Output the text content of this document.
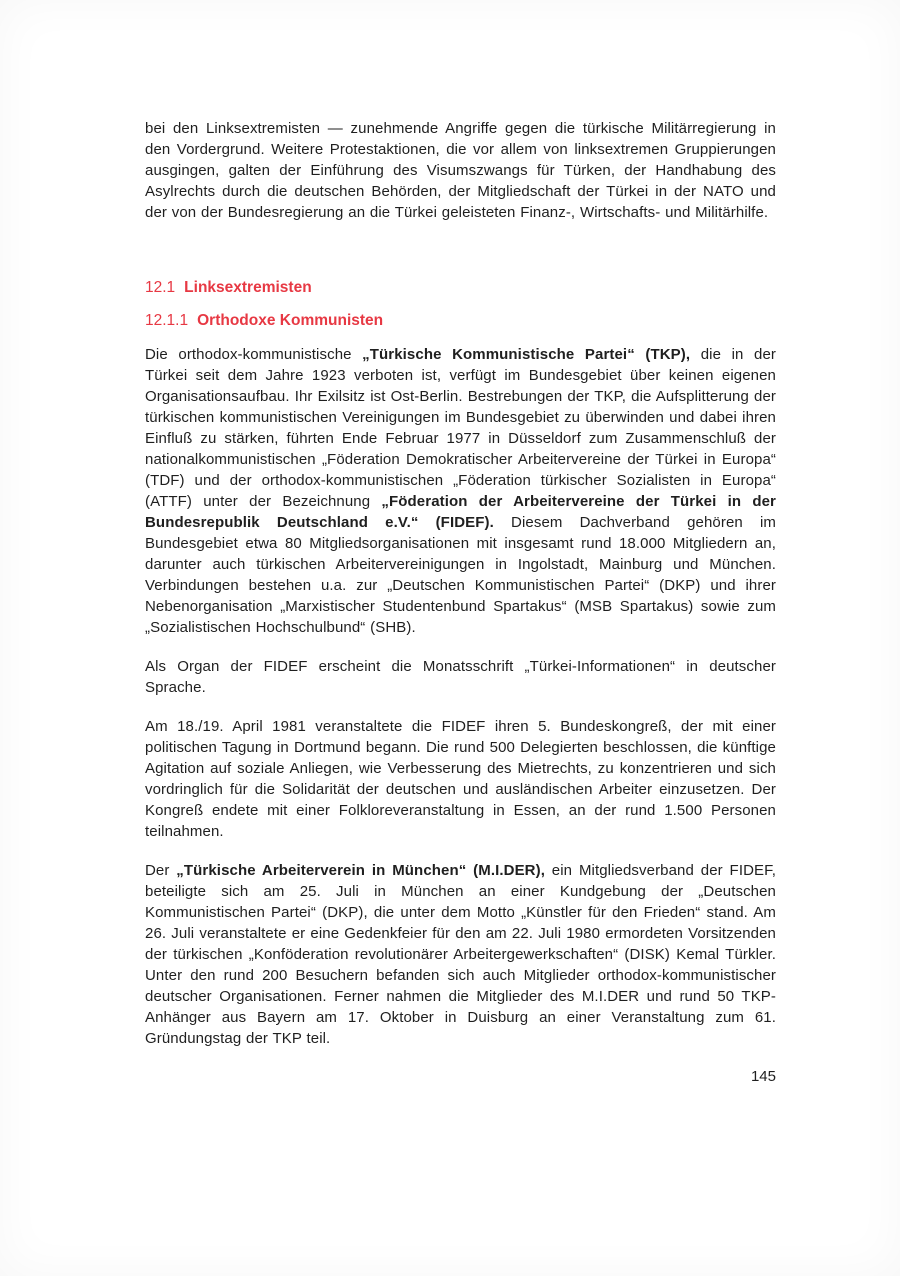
bei den Linksextremisten — zunehmende Angriffe gegen die türkische Militärregierung in den Vordergrund. Weitere Protestaktionen, die vor allem von linksextremen Gruppierungen ausgingen, galten der Einführung des Visumszwangs für Türken, der Handhabung des Asylrechts durch die deutschen Behörden, der Mitgliedschaft der Türkei in der NATO und der von der Bundesregierung an die Türkei geleisteten Finanz-, Wirtschafts- und Militärhilfe.

12.1 Linksextremisten
12.1.1 Orthodoxe Kommunisten

Die orthodox-kommunistische „Türkische Kommunistische Partei“ (TKP), die in der Türkei seit dem Jahre 1923 verboten ist, verfügt im Bundesgebiet über keinen eigenen Organisationsaufbau. Ihr Exilsitz ist Ost-Berlin. Bestrebungen der TKP, die Aufsplitterung der türkischen kommunistischen Vereinigungen im Bundesgebiet zu überwinden und dabei ihren Einfluß zu stärken, führten Ende Februar 1977 in Düsseldorf zum Zusammenschluß der nationalkommunistischen „Föderation Demokratischer Arbeitervereine der Türkei in Europa“ (TDF) und der orthodox-kommunistischen „Föderation türkischer Sozialisten in Europa“ (ATTF) unter der Bezeichnung „Föderation der Arbeitervereine der Türkei in der Bundesrepublik Deutschland e.V.“ (FIDEF). Diesem Dachverband gehören im Bundesgebiet etwa 80 Mitgliedsorganisationen mit insgesamt rund 18.000 Mitgliedern an, darunter auch türkischen Arbeitervereinigungen in Ingolstadt, Mainburg und München. Verbindungen bestehen u.a. zur „Deutschen Kommunistischen Partei“ (DKP) und ihrer Nebenorganisation „Marxistischer Studentenbund Spartakus“ (MSB Spartakus) sowie zum „Sozialistischen Hochschulbund“ (SHB).

Als Organ der FIDEF erscheint die Monatsschrift „Türkei-Informationen“ in deutscher Sprache.

Am 18./19. April 1981 veranstaltete die FIDEF ihren 5. Bundeskongreß, der mit einer politischen Tagung in Dortmund begann. Die rund 500 Delegierten beschlossen, die künftige Agitation auf soziale Anliegen, wie Verbesserung des Mietrechts, zu konzentrieren und sich vordringlich für die Solidarität der deutschen und ausländischen Arbeiter einzusetzen. Der Kongreß endete mit einer Folkloreveranstaltung in Essen, an der rund 1.500 Personen teilnahmen.

Der „Türkische Arbeiterverein in München“ (M.I.DER), ein Mitgliedsverband der FIDEF, beteiligte sich am 25. Juli in München an einer Kundgebung der „Deutschen Kommunistischen Partei“ (DKP), die unter dem Motto „Künstler für den Frieden“ stand. Am 26. Juli veranstaltete er eine Gedenkfeier für den am 22. Juli 1980 ermordeten Vorsitzenden der türkischen „Konföderation revolutionärer Arbeitergewerkschaften“ (DISK) Kemal Türkler. Unter den rund 200 Besuchern befanden sich auch Mitglieder orthodox-kommunistischer deutscher Organisationen. Ferner nahmen die Mitglieder des M.I.DER und rund 50 TKP-Anhänger aus Bayern am 17. Oktober in Duisburg an einer Veranstaltung zum 61. Gründungstag der TKP teil.

145
